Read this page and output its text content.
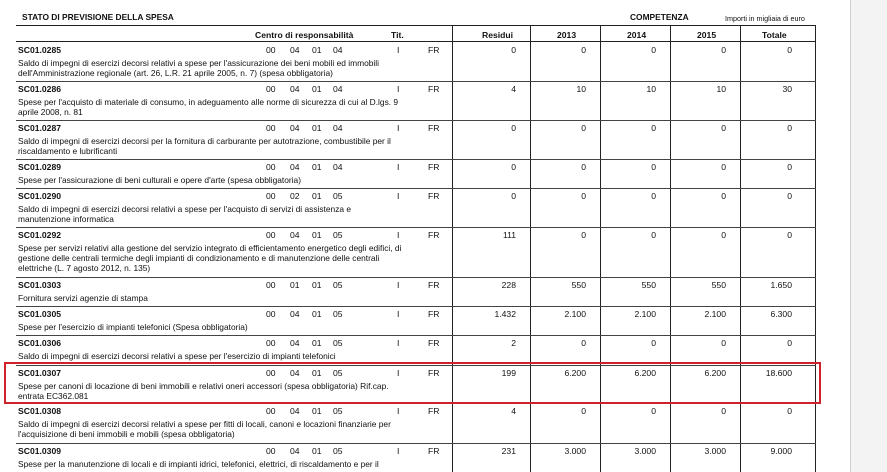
STATO DI PREVISIONE DELLA SPESA	COMPETENZA	Importi in migliaia di euro
Centro di responsabilità	Tit.	Residui	2013	2014	2015	Totale
SC01.0285	00 04 01 04	I	FR	0	0	0	0	0
Saldo di impegni di esercizi decorsi relativi a spese per l'assicurazione dei beni mobili ed immobili dell'Amministrazione regionale (art. 26, L.R. 21 aprile 2005, n. 7) (spesa obbligatoria)
SC01.0286	00 04 01 04	I	FR	4	10	10	10	30
Spese per l'acquisto di materiale di consumo, in adeguamento alle norme di sicurezza di cui al D.lgs. 9 aprile 2008, n. 81
SC01.0287	00 04 01 04	I	FR	0	0	0	0	0
Saldo di impegni di esercizi decorsi per la fornitura di carburante per autotrazione, combustibile per il riscaldamento e lubrificanti
SC01.0289	00 04 01 04	I	FR	0	0	0	0	0
Spese per l'assicurazione di beni culturali e opere d'arte (spesa obbligatoria)
SC01.0290	00 02 01 05	I	FR	0	0	0	0	0
Saldo di impegni di esercizi decorsi relativi a spese per l'acquisto di servizi di assistenza e manutenzione informatica
SC01.0292	00 04 01 05	I	FR	111	0	0	0	0
Spese per servizi relativi alla gestione del servizio integrato di efficientamento energetico degli edifici, di gestione delle centrali termiche degli impianti di condizionamento e di manutenzione delle centrali elettriche (L. 7 agosto 2012, n. 135)
SC01.0303	00 01 01 05	I	FR	228	550	550	550	1.650
Fornitura servizi agenzie di stampa
SC01.0305	00 04 01 05	I	FR	1.432	2.100	2.100	2.100	6.300
Spese per l'esercizio di impianti telefonici (Spesa obbligatoria)
SC01.0306	00 04 01 05	I	FR	2	0	0	0	0
Saldo di impegni di esercizi decorsi relativi a spese per l'esercizio di impianti telefonici
SC01.0307	00 04 01 05	I	FR	199	6.200	6.200	6.200	18.600
Spese per canoni di locazione di beni immobili e relativi oneri accessori (spesa obbligatoria) Rif.cap. entrata EC362.081
SC01.0308	00 04 01 05	I	FR	4	0	0	0	0
Saldo di impegni di esercizi decorsi relativi a spese per fitti di locali, canoni e locazioni finanziarie per l'acquisizione di beni immobili e mobili (spesa obbligatoria)
SC01.0309	00 04 01 05	I	FR	231	3.000	3.000	3.000	9.000
Spese per la manutenzione di locali e di impianti idrici, telefonici, elettrici, di riscaldamento e per il
